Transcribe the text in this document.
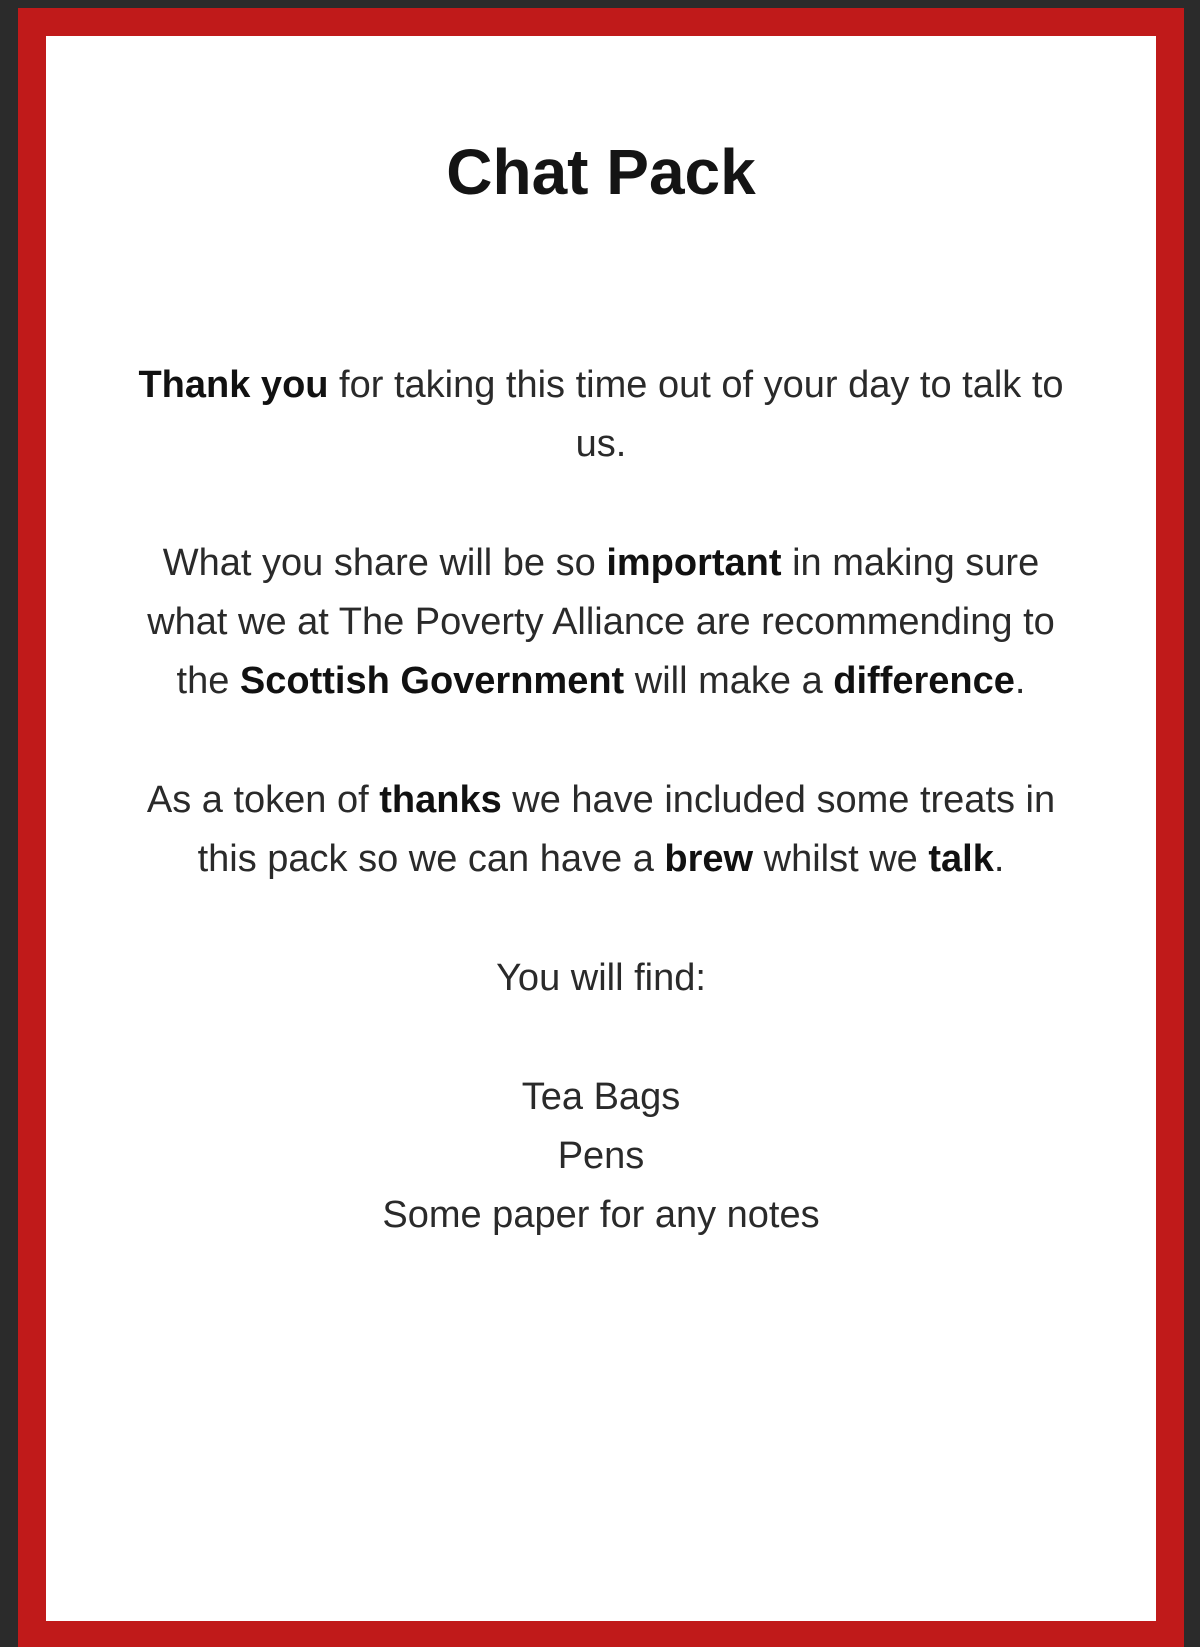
Chat Pack

Thank you for taking this time out of your day to talk to us.

What you share will be so important in making sure what we at The Poverty Alliance are recommending to the Scottish Government will make a difference.

As a token of thanks we have included some treats in this pack so we can have a brew whilst we talk.

You will find:

Tea Bags
Pens
Some paper for any notes
